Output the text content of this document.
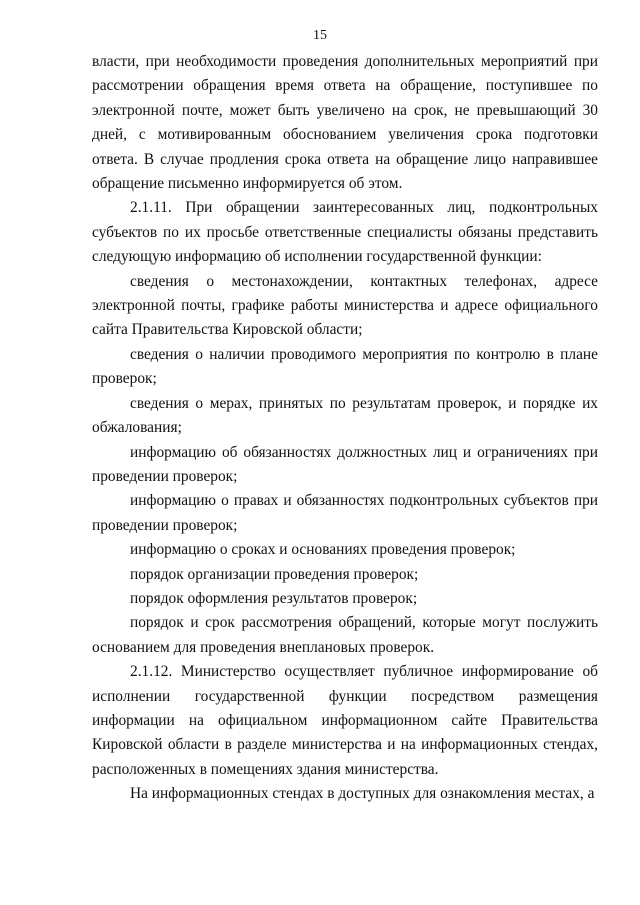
15

власти, при необходимости проведения дополнительных мероприятий при рассмотрении обращения время ответа на обращение, поступившее по электронной почте, может быть увеличено на срок, не превышающий 30 дней, с мотивированным обоснованием увеличения срока подготовки ответа. В случае продления срока ответа на обращение лицо направившее обращение письменно информируется об этом.

2.1.11. При обращении заинтересованных лиц, подконтрольных субъектов по их просьбе ответственные специалисты обязаны представить следующую информацию об исполнении государственной функции:

сведения о местонахождении, контактных телефонах, адресе электронной почты, графике работы министерства и адресе официального сайта Правительства Кировской области;

сведения о наличии проводимого мероприятия по контролю в плане проверок;

сведения о мерах, принятых по результатам проверок, и порядке их обжалования;

информацию об обязанностях должностных лиц и ограничениях при проведении проверок;

информацию о правах и обязанностях подконтрольных субъектов при проведении проверок;

информацию о сроках и основаниях проведения проверок;

порядок организации проведения проверок;

порядок оформления результатов проверок;

порядок и срок рассмотрения обращений, которые могут послужить основанием для проведения внеплановых проверок.

2.1.12. Министерство осуществляет публичное информирование об исполнении государственной функции посредством размещения информации на официальном информационном сайте Правительства Кировской области в разделе министерства и на информационных стендах, расположенных в помещениях здания министерства.

На информационных стендах в доступных для ознакомления местах, а
